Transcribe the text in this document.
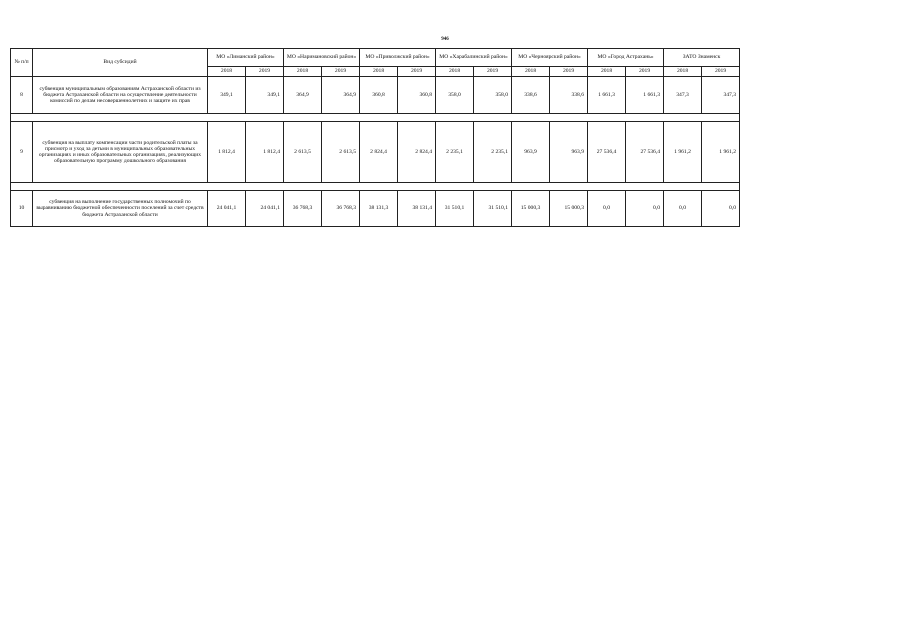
946
№ п/п	Вид субсидий	МО «Лиманский район»		МО «Наримановский район»		МО «Приволжский район»		МО «Харабалинский район»		МО «Черноярский район»		МО «Город Астрахань»		ЗАТО Знаменск	
		2018	2019	2018	2019	2018	2019	2018	2019	2018	2019	2018	2019	2018	2019
8	субвенция муниципальным образованиям Астраханской области из бюджета Астраханской области на осуществление деятельности комиссий по делам несовершеннолетних и защите их прав	349,1	349,1	364,9	364,9	360,8	360,8	358,0	358,0	338,6	338,6	1 661,3	1 661,3	347,3	347,3

9	субвенция на выплату компенсации части родительской платы за присмотр и уход за детьми в муниципальных образовательных организациях и иных образовательных организациях, реализующих образовательную программу дошкольного образования	1 812,4	1 812,4	2 613,5	2 613,5	2 824,4	2 824,4	2 235,1	2 235,1	963,9	963,9	27 536,4	27 536,4	1 961,2	1 961,2

10	субвенция на выполнение государственных полномочий по выравниванию бюджетной обеспеченности поселений за счет средств бюджета Астраханской области	24 041,1	24 041,1	36 768,3	36 768,3	38 131,3	38 131,4	31 510,1	31 510,1	15 000,3	15 000,3	0,0	0,0	0,0	0,0
